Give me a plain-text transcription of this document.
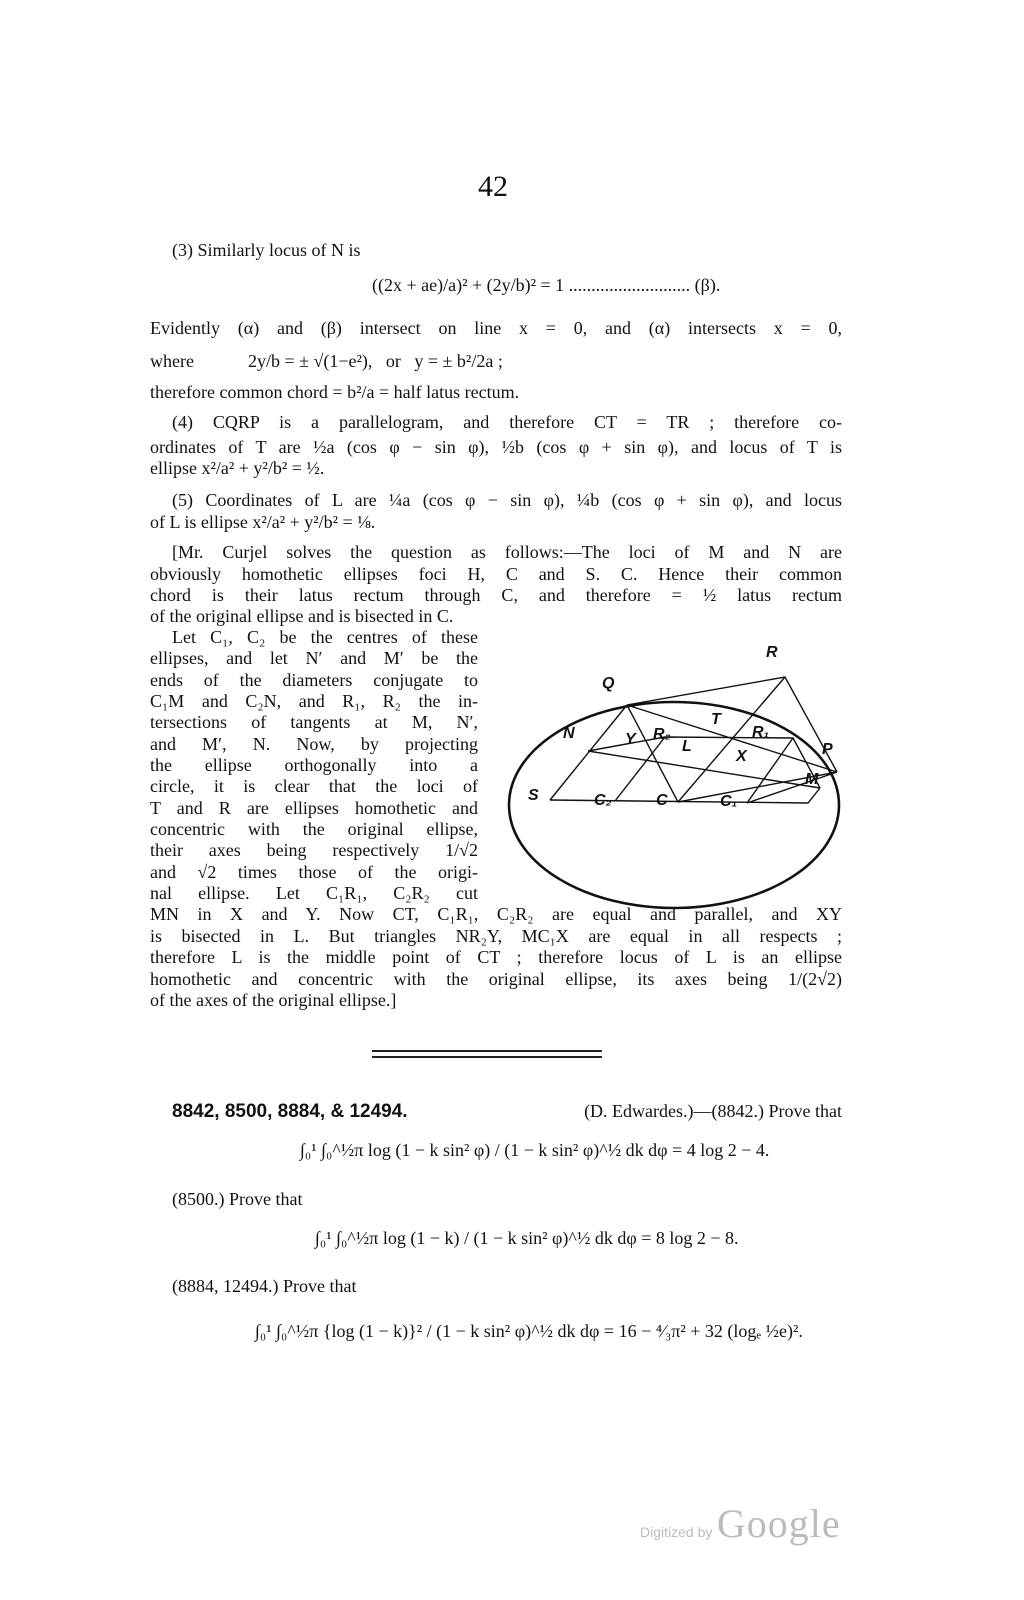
42
(3) Similarly locus of N is
((2x + ae)/a)² + (2y/b)² = 1 ........................... (β).
Evidently (α) and (β) intersect on line x = 0, and (α) intersects x = 0,
where            2y/b = ± √(1−e²),   or   y = ± b²/2a ;
therefore common chord = b²/a = half latus rectum.
(4) CQRP is a parallelogram, and therefore CT = TR ; therefore co-
ordinates of T are ½a (cos φ − sin φ), ½b (cos φ + sin φ), and locus of T is
ellipse x²/a² + y²/b² = ½.
(5) Coordinates of L are ¼a (cos φ − sin φ), ¼b (cos φ + sin φ), and locus
of L is ellipse x²/a² + y²/b² = ⅛.
[Mr. Curjel solves the question as follows:—The loci of M and N are
obviously homothetic ellipses foci H, C and S. C. Hence their common
chord is their latus rectum through C, and therefore = ½ latus rectum
of the original ellipse and is bisected in C.
Let C₁, C₂ be the centres of these
ellipses, and let N′ and M′ be the
ends of the diameters conjugate to
C₁M and C₂N, and R₁, R₂ the in-
tersections of tangents at M, N′,
and M′, N. Now, by projecting
the ellipse orthogonally into a
circle, it is clear that the loci of
T and R are ellipses homothetic and
concentric with the original ellipse,
their axes being respectively 1/√2
and √2 times those of the origi-
nal ellipse. Let C₁R₁, C₂R₂ cut
MN in X and Y. Now CT, C₁R₁, C₂R₂ are equal and parallel, and XY
is bisected in L. But triangles NR₂Y, MC₁X are equal in all respects ;
therefore L is the middle point of CT ; therefore locus of L is an ellipse
homothetic and concentric with the original ellipse, its axes being 1/(2√2)
of the axes of the original ellipse.]
R
Q
T
N	Y R₂	R₁
L
X	P
M
S	C₂	C	C₁
8842, 8500, 8884, & 12494.	(D. Edwardes.)—(8842.) Prove that
∫₀¹ ∫₀^½π log (1 − k sin² φ) / (1 − k sin² φ)^½ dk dφ = 4 log 2 − 4.
(8500.) Prove that
∫₀¹ ∫₀^½π log (1 − k) / (1 − k sin² φ)^½ dk dφ = 8 log 2 − 8.
(8884, 12494.) Prove that
∫₀¹ ∫₀^½π {log (1 − k)}² / (1 − k sin² φ)^½ dk dφ = 16 − ⁴⁄₃π² + 32 (logₑ ½e)².
Digitized by Google
